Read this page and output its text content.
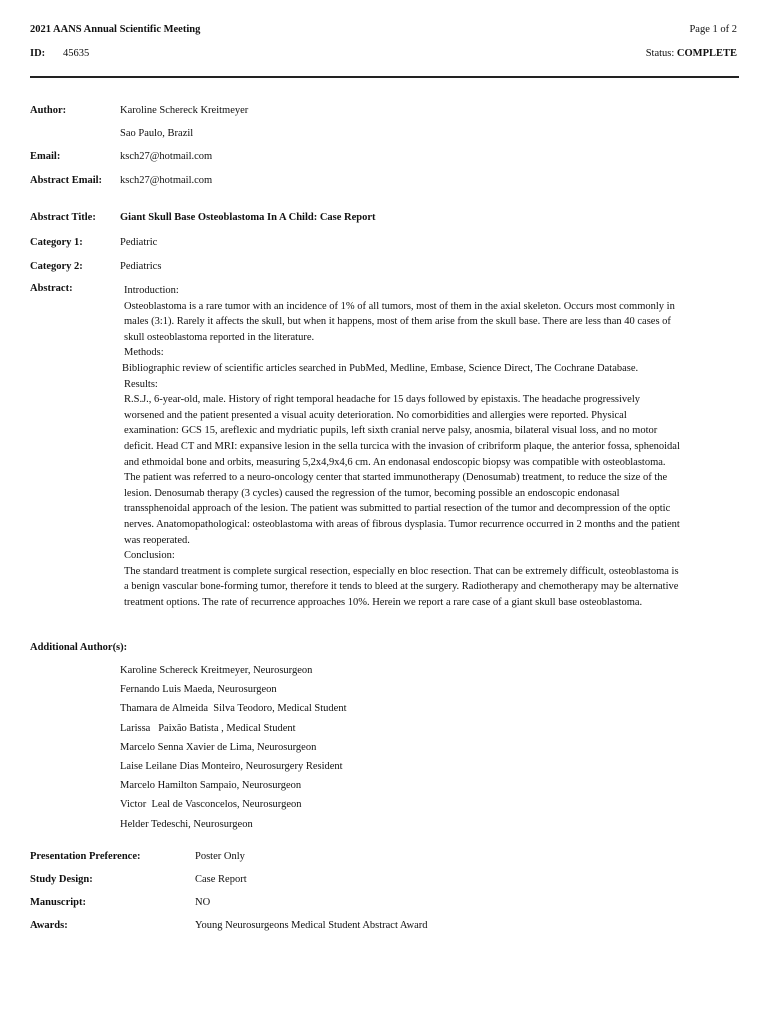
2021 AANS Annual Scientific Meeting	Page 1 of 2
ID: 45635	Status: COMPLETE
Author:	Karoline Schereck Kreitmeyer
Sao Paulo, Brazil
Email:	ksch27@hotmail.com
Abstract Email: ksch27@hotmail.com
Abstract Title: Giant Skull Base Osteoblastoma In A Child: Case Report
Category 1:	Pediatric
Category 2:	Pediatrics
Abstract:	Introduction:

Osteoblastoma is a rare tumor with an incidence of 1% of all tumors, most of them in the axial skeleton. Occurs most commonly in males (3:1). Rarely it affects the skull, but when it happens, most of them arise from the skull base. There are less than 40 cases of skull osteoblastoma reported in the literature.

Methods:

Bibliographic review of scientific articles searched in PubMed, Medline, Embase, Science Direct, The Cochrane Database.

Results:

R.S.J., 6-year-old, male. History of right temporal headache for 15 days followed by epistaxis. The headache progressively worsened and the patient presented a visual acuity deterioration. No comorbidities and allergies were reported. Physical examination: GCS 15, areflexic and mydriatic pupils, left sixth cranial nerve palsy, anosmia, bilateral visual loss, and no motor deficit. Head CT and MRI: expansive lesion in the sella turcica with the invasion of cribriform plaque, the anterior fossa, sphenoidal and ethmoidal bone and orbits, measuring 5,2x4,9x4,6 cm. An endonasal endoscopic biopsy was compatible with osteoblastoma. The patient was referred to a neuro-oncology center that started immunotherapy (Denosumab) treatment, to reduce the size of the lesion. Denosumab therapy (3 cycles) caused the regression of the tumor, becoming possible an endoscopic endonasal transsphenoidal approach of the lesion. The patient was submitted to partial resection of the tumor and decompression of the optic nerves. Anatomopathological: osteoblastoma with areas of fibrous dysplasia. Tumor recurrence occurred in 2 months and the patient was reoperated.

Conclusion:

The standard treatment is complete surgical resection, especially en bloc resection. That can be extremely difficult, osteoblastoma is a benign vascular bone-forming tumor, therefore it tends to bleed at the surgery. Radiotherapy and chemotherapy may be alternative treatment options. The rate of recurrence approaches 10%. Herein we report a rare case of a giant skull base osteoblastoma.

Additional Author(s):
Karoline Schereck Kreitmeyer, Neurosurgeon
Fernando Luis Maeda, Neurosurgeon
Thamara de Almeida  Silva Teodoro, Medical Student
Larissa   Paixão Batista , Medical Student
Marcelo Senna Xavier de Lima, Neurosurgeon
Laise Leilane Dias Monteiro, Neurosurgery Resident
Marcelo Hamilton Sampaio, Neurosurgeon
Victor  Leal de Vasconcelos, Neurosurgeon
Helder Tedeschi, Neurosurgeon
Presentation Preference:	Poster Only
Study Design:	Case Report
Manuscript:	NO
Awards:	Young Neurosurgeons Medical Student Abstract Award
